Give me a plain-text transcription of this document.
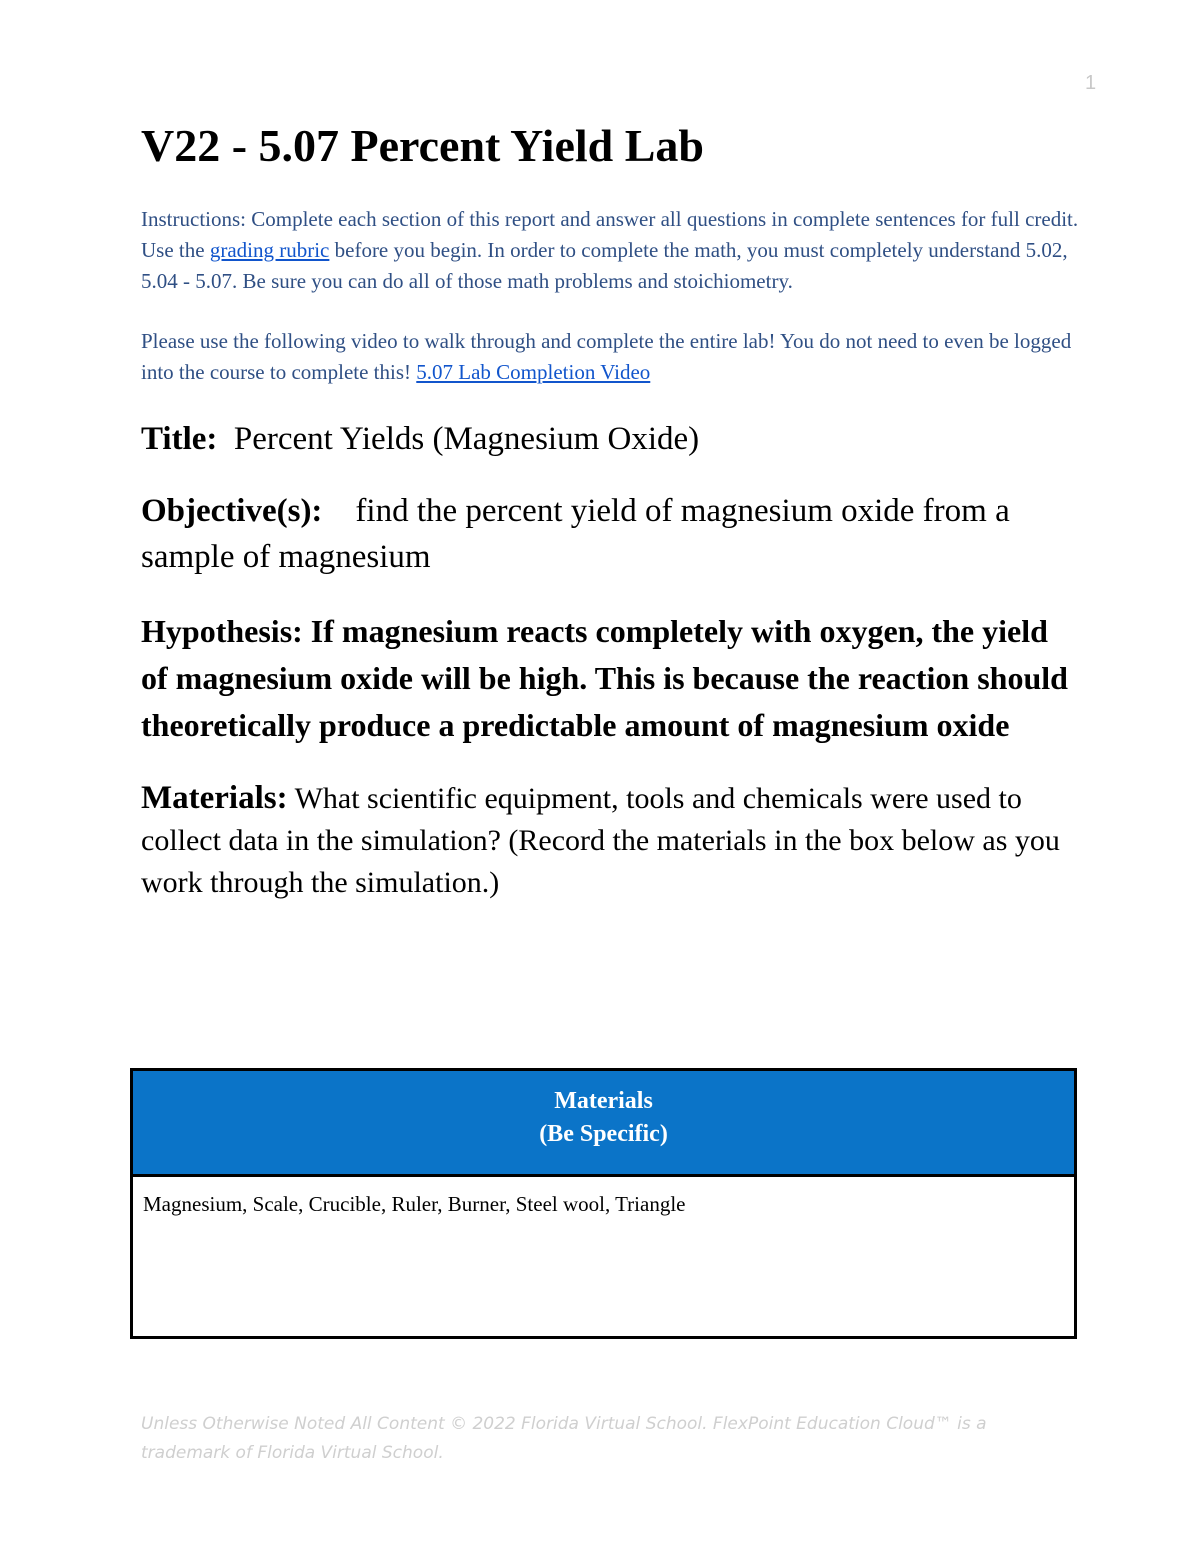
1
V22 - 5.07 Percent Yield Lab

Instructions: Complete each section of this report and answer all questions in complete sentences for full credit. Use the grading rubric before you begin. In order to complete the math, you must completely understand 5.02, 5.04 - 5.07. Be sure you can do all of those math problems and stoichiometry.

Please use the following video to walk through and complete the entire lab! You do not need to even be logged into the course to complete this! 5.07 Lab Completion Video

Title: Percent Yields (Magnesium Oxide)

Objective(s): find the percent yield of magnesium oxide from a sample of magnesium

Hypothesis: If magnesium reacts completely with oxygen, the yield of magnesium oxide will be high. This is because the reaction should theoretically produce a predictable amount of magnesium oxide

Materials: What scientific equipment, tools and chemicals were used to collect data in the simulation? (Record the materials in the box below as you work through the simulation.)

Materials
(Be Specific)
Magnesium, Scale, Crucible, Ruler, Burner, Steel wool, Triangle
Unless Otherwise Noted All Content © 2022 Florida Virtual School. FlexPoint Education Cloud™ is a trademark of Florida Virtual School.
